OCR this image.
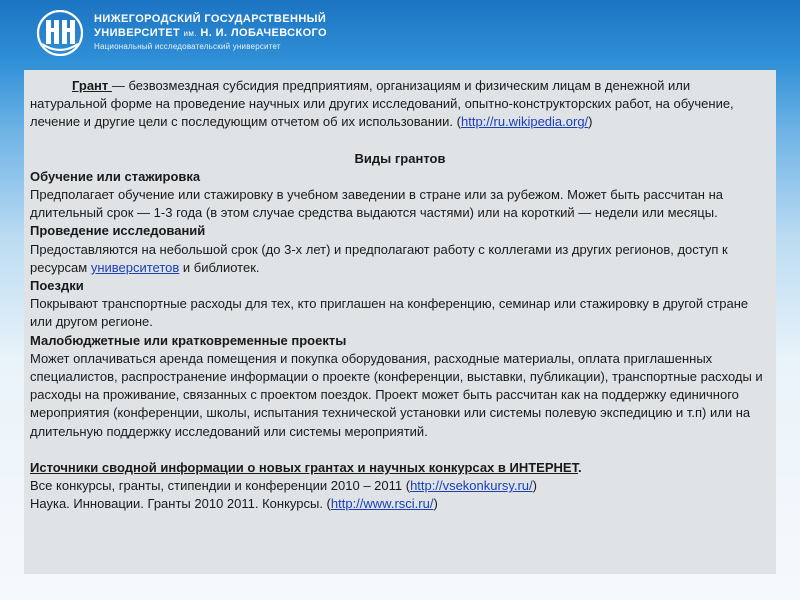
НИЖЕГОРОДСКИЙ ГОСУДАРСТВЕННЫЙ
УНИВЕРСИТЕТ им. Н. И. ЛОБАЧЕВСКОГО
Национальный исследовательский университет

Грант — безвозмездная субсидия предприятиям, организациям и физическим лицам в денежной или натуральной форме на проведение научных или других исследований, опытно-конструкторских работ, на обучение, лечение и другие цели с последующим отчетом об их использовании. (http://ru.wikipedia.org/)

Виды грантов

Обучение или стажировка

Предполагает обучение или стажировку в учебном заведении в стране или за рубежом. Может быть рассчитан на длительный срок — 1-3 года (в этом случае средства выдаются частями) или на короткий — недели или месяцы.

Проведение исследований

Предоставляются на небольшой срок (до 3-х лет) и предполагают работу с коллегами из других регионов, доступ к ресурсам университетов и библиотек.

Поездки

Покрывают транспортные расходы для тех, кто приглашен на конференцию, семинар или стажировку в другой стране или другом регионе.

Малобюджетные или кратковременные проекты

Может оплачиваться аренда помещения и покупка оборудования, расходные материалы, оплата приглашенных специалистов, распространение информации о проекте (конференции, выставки, публикации), транспортные расходы и расходы на проживание, связанных с проектом поездок. Проект может быть рассчитан как на поддержку единичного мероприятия (конференции, школы, испытания технической установки или системы полевую экспедицию и т.п) или на длительную поддержку исследований или системы мероприятий.

Источники сводной информации о новых грантах и научных конкурсах в ИНТЕРНЕТ.

Все конкурсы, гранты, стипендии и конференции 2010 – 2011 (http://vsekonkursy.ru/)

Наука. Инновации. Гранты 2010 2011. Конкурсы. (http://www.rsci.ru/)
